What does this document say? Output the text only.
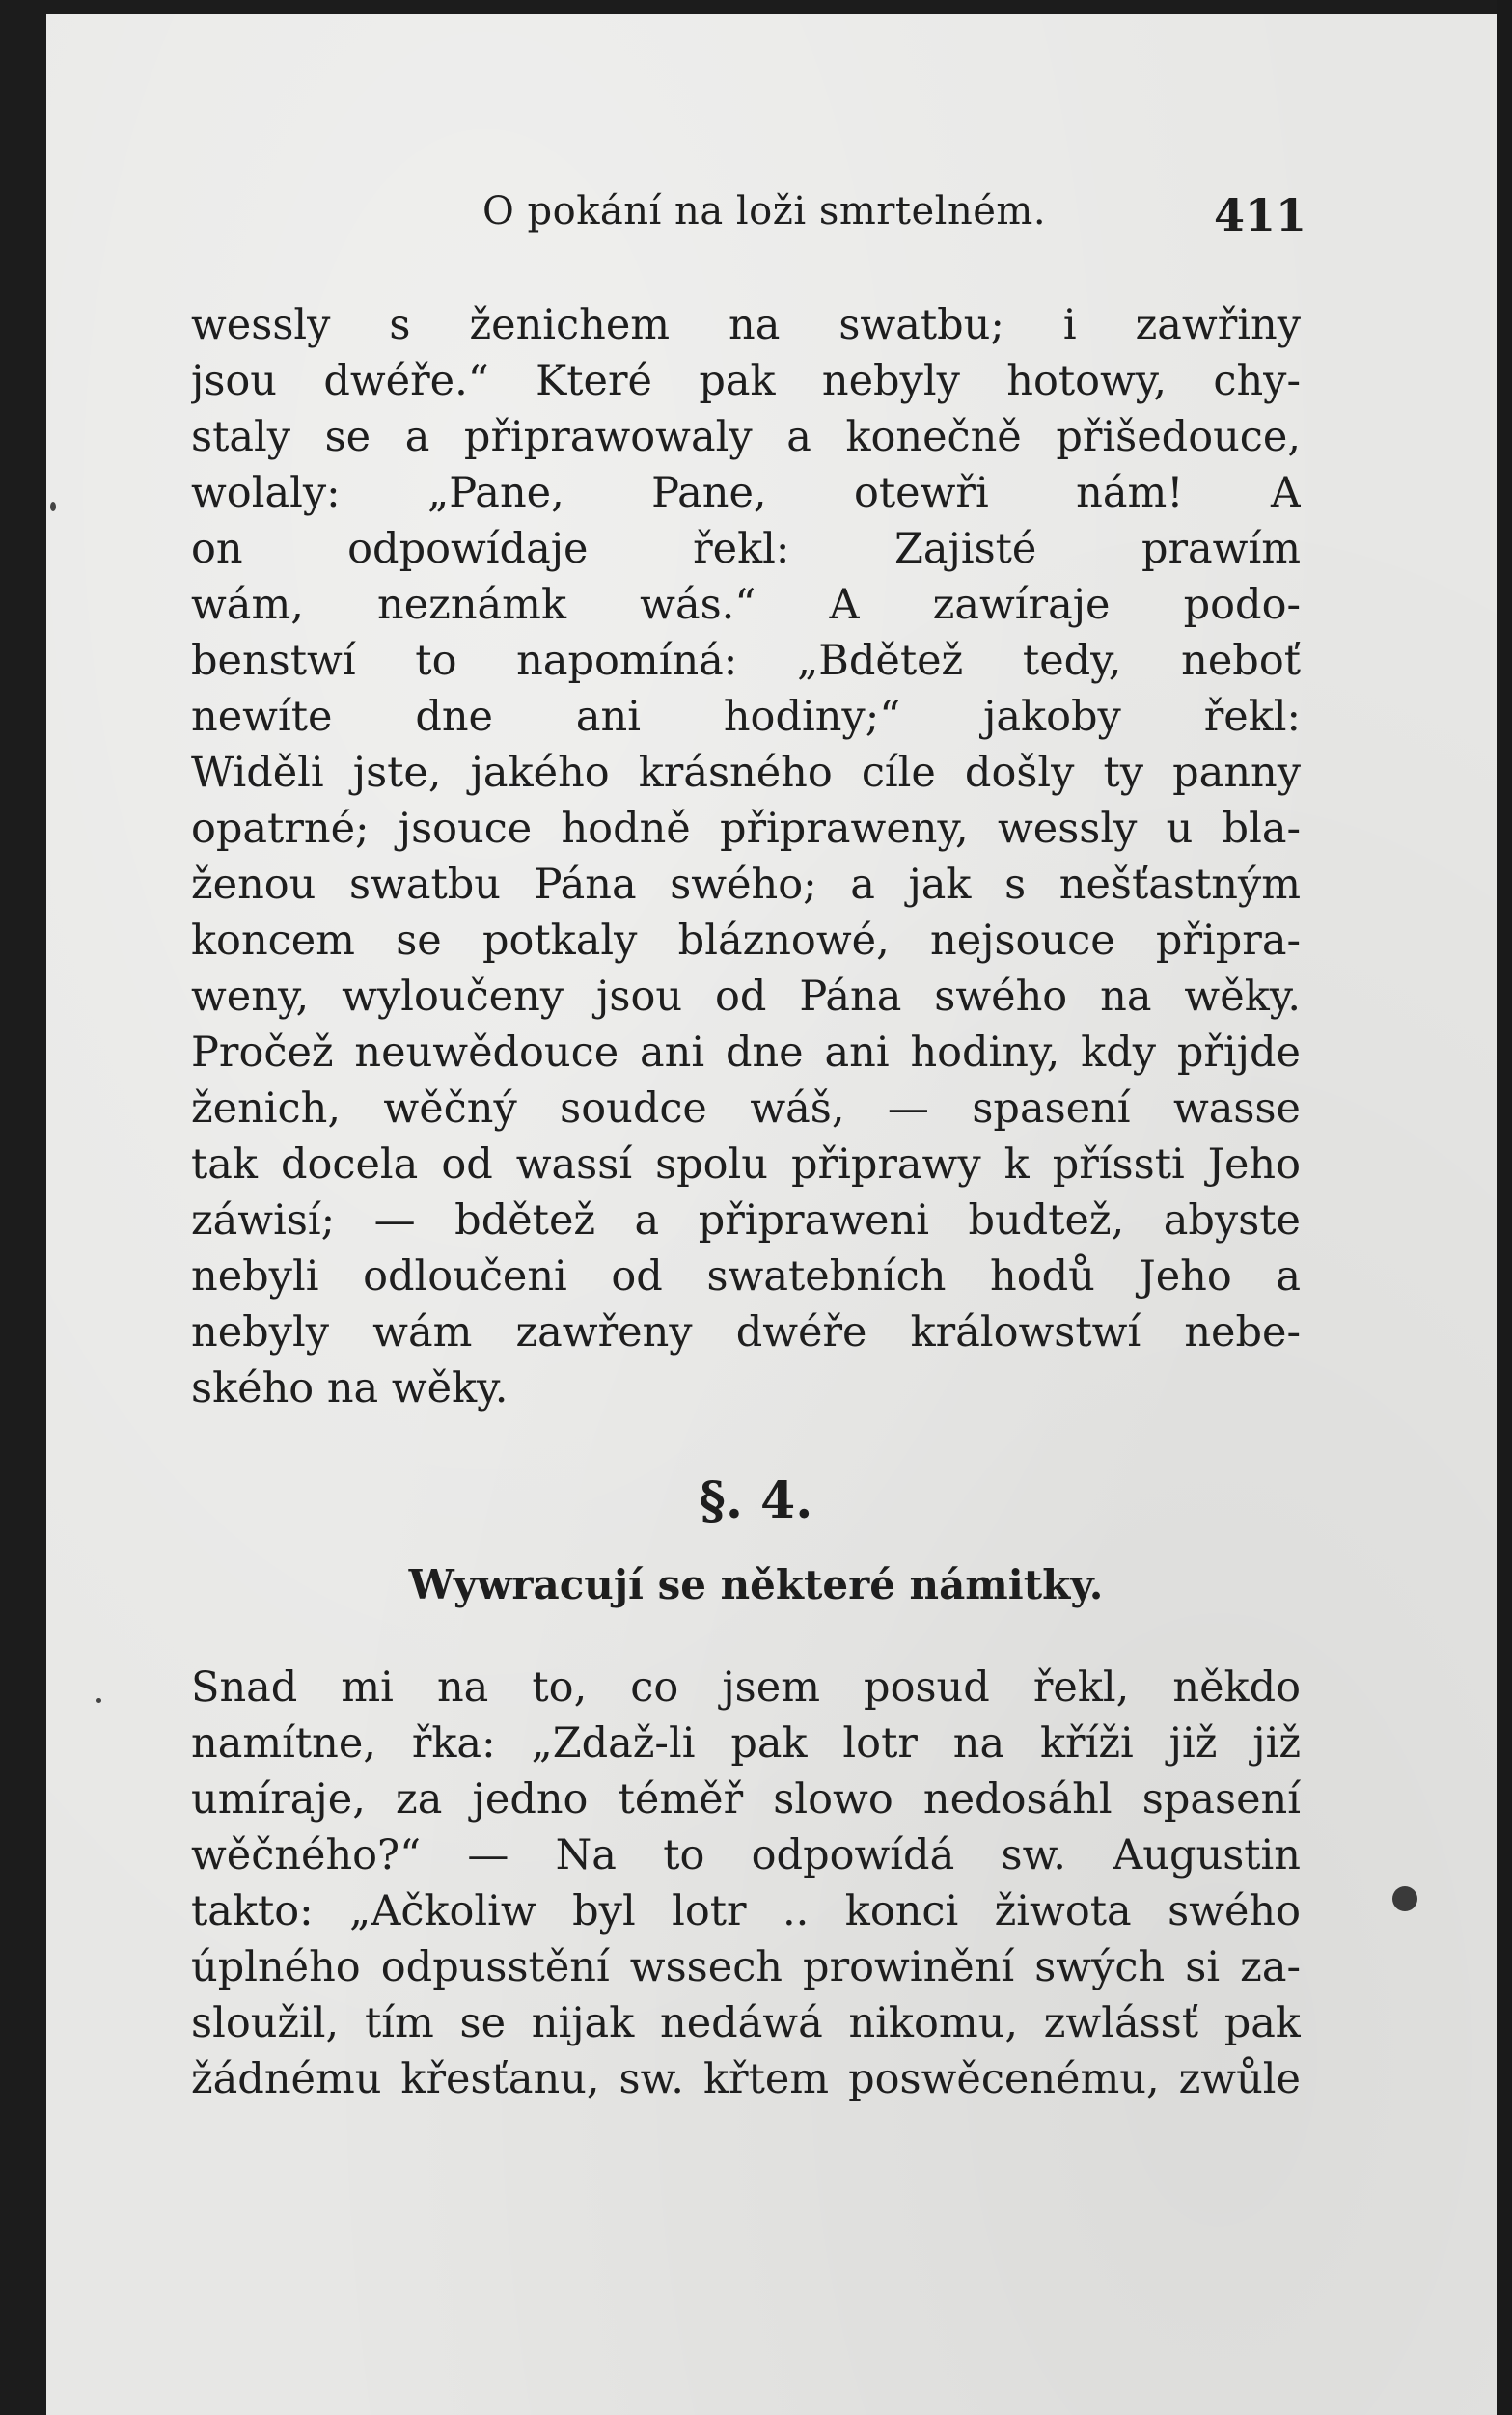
O pokání na loži smrtelném.	411
wessly s ženichem na swatbu; i zawřiny
jsou dwéře.“ Které pak nebyly hotowy, chy-
staly se a připrawowaly a konečně přišedouce,
wolaly: „Pane, Pane, otewři nám! A
on odpowídaje řekl: Zajisté prawím
wám, neznámk wás.“ A zawíraje podo-
benstwí to napomíná: „Bdětež tedy, neboť
newíte dne ani hodiny;“ jakoby řekl:
Widěli jste, jakého krásného cíle došly ty panny
opatrné; jsouce hodně připraweny, wessly u bla-
ženou swatbu Pána swého; a jak s nešťastným
koncem se potkaly bláznowé, nejsouce připra-
weny, wyloučeny jsou od Pána swého na wěky.
Pročež neuwědouce ani dne ani hodiny, kdy přijde
ženich, wěčný soudce wáš, — spasení wasse
tak docela od wassí spolu připrawy k příssti Jeho
záwisí; — bdětež a připraweni budtež, abyste
nebyli odloučeni od swatebních hodů Jeho a
nebyly wám zawřeny dwéře králowstwí nebe-
ského na wěky.
§. 4.
Wywracují se některé námitky.
Snad mi na to, co jsem posud řekl, někdo
namítne, řka: „Zdaž-li pak lotr na kříži již již
umíraje, za jedno téměř slowo nedosáhl spasení
wěčného?“ — Na to odpowídá sw. Augustin
takto: „Ačkoliw byl lotr .. konci žiwota swého
úplného odpusstění wssech prowinění swých si za-
sloužil, tím se nijak nedáwá nikomu, zwlássť pak
žádnému křesťanu, sw. křtem poswěcenému, zwůle
